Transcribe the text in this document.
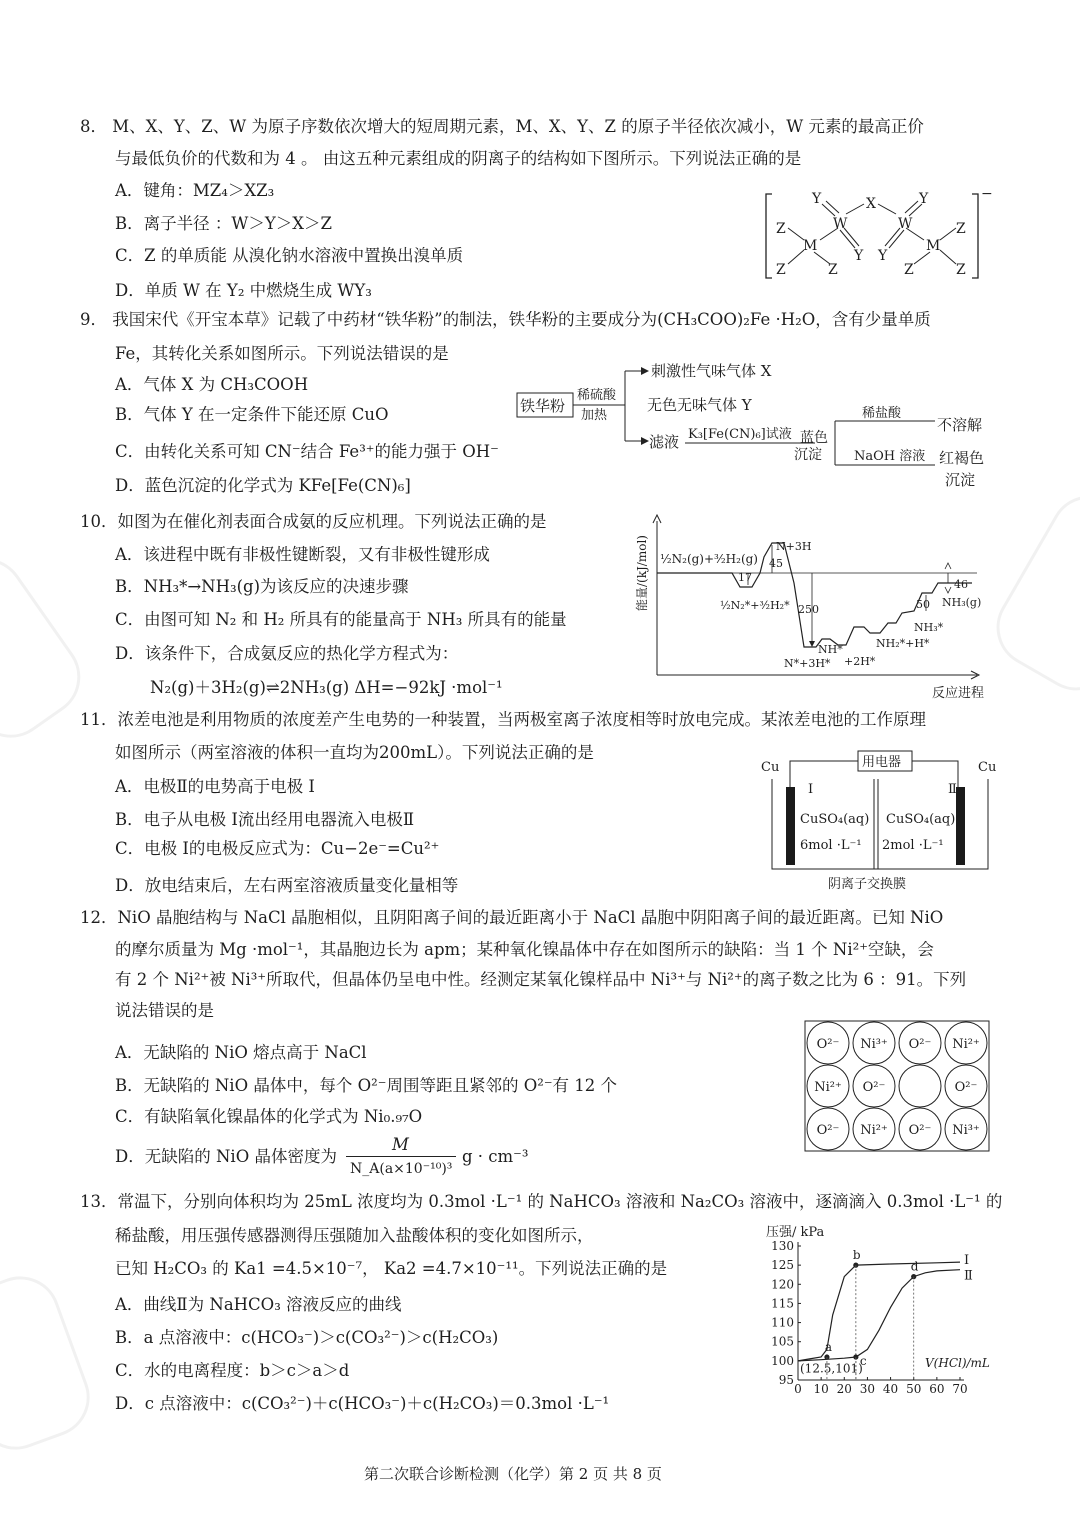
8． M、X、Y、Z、W 为原子序数依次增大的短周期元素，M、X、Y、Z 的原子半径依次减小，W 元素的最高正价
与最低负价的代数和为 4 。 由这五种元素组成的阴离子的结构如下图所示。下列说法正确的是
A．键角：MZ₄＞XZ₃
B．离子半径 ：W＞Y＞X＞Z
C．Z 的单质能 从溴化钠水溶液中置换出溴单质
D．单质 W 在 Y₂ 中燃烧生成 WY₃
−
Y
W
X
W
Y
Z
M
Z
Y Y
M
Z
Z
Z	Z
9． 我国宋代《开宝本草》记载了中药材“铁华粉”的制法，铁华粉的主要成分为(CH₃COO)₂Fe ·H₂O，含有少量单质
Fe，其转化关系如图所示。下列说法错误的是
A．气体 X 为 CH₃COOH
B．气体 Y 在一定条件下能还原 CuO
C．由转化关系可知 CN⁻结合 Fe³⁺的能力强于 OH⁻
D．蓝色沉淀的化学式为 KFe[Fe(CN)₆]
铁华粉
稀硫酸
加热
刺激性气味气体 X
无色无味气体 Y
滤液 K₃[Fe(CN)₆]试液 蓝色
沉淀
稀盐酸
不溶解
NaOH 溶液 红褐色
沉淀
10．如图为在催化剂表面合成氨的反应机理。下列说法正确的是
A．该进程中既有非极性键断裂，又有非极性键形成
B．NH₃*→NH₃(g)为该反应的决速步骤
C．由图可知 N₂ 和 H₂ 所具有的能量高于 NH₃ 所具有的能量
D．该条件下，合成氨反应的热化学方程式为：
N₂(g)＋3H₂(g)⇌2NH₃(g) ΔH=−92kJ ·mol⁻¹
能量/(kJ/mol)
反应进程
½N₂(g)+³⁄₂H₂(g)
17
½N₂*+³⁄₂H₂*
N+3H
45
250
N*+3H*
NH*
+2H*
NH₂*+H*
NH₃*
50 NH₃(g)
46
11．浓差电池是利用物质的浓度差产生电势的一种装置，当两极室离子浓度相等时放电完成。某浓差电池的工作原理
如图所示（两室溶液的体积一直均为200mL）。下列说法正确的是
A．电极Ⅱ的电势高于电极 Ⅰ
B．电子从电极 Ⅰ流出经用电器流入电极Ⅱ
C．电极 Ⅰ的电极反应式为：Cu−2e⁻=Cu²⁺
D．放电结束后，左右两室溶液质量变化量相等
用电器
Cu	Cu
Ⅰ	Ⅱ
CuSO₄(aq)
6mol ·L⁻¹
CuSO₄(aq)
2mol ·L⁻¹
阴离子交换膜
12．NiO 晶胞结构与 NaCl 晶胞相似，且阴阳离子间的最近距离小于 NaCl 晶胞中阴阳离子间的最近距离。已知 NiO
的摩尔质量为 Mg ·mol⁻¹，其晶胞边长为 apm；某种氧化镍晶体中存在如图所示的缺陷：当 1 个 Ni²⁺空缺，会
有 2 个 Ni²⁺被 Ni³⁺所取代，但晶体仍呈电中性。经测定某氧化镍样品中 Ni³⁺与 Ni²⁺的离子数之比为 6 ：91。下列
说法错误的是
A．无缺陷的 NiO 熔点高于 NaCl
B．无缺陷的 NiO 晶体中，每个 O²⁻周围等距且紧邻的 O²⁻有 12 个
C．有缺陷氧化镍晶体的化学式为 Ni₀.₉₇O
D．无缺陷的 NiO 晶体密度为
M
N_A(a×10⁻¹⁰)³
g · cm⁻³
O²⁻ Ni³⁺ O²⁻ Ni²⁺
Ni²⁺ O²⁻	O²⁻
O²⁻ Ni²⁺ O²⁻ Ni³⁺
13．常温下，分别向体积均为 25mL 浓度均为 0.3mol ·L⁻¹ 的 NaHCO₃ 溶液和 Na₂CO₃ 溶液中，逐滴滴入 0.3mol ·L⁻¹ 的
稀盐酸，用压强传感器测得压强随加入盐酸体积的变化如图所示，
已知 H₂CO₃ 的 Ka1 =4.5×10⁻⁷， Ka2 =4.7×10⁻¹¹。下列说法正确的是
A．曲线Ⅱ为 NaHCO₃ 溶液反应的曲线
B．a 点溶液中：c(HCO₃⁻)＞c(CO₃²⁻)＞c(H₂CO₃)
C．水的电离程度：b＞c＞a＞d
D．c 点溶液中：c(CO₃²⁻)＋c(HCO₃⁻)＋c(H₂CO₃)＝0.3mol ·L⁻¹
压强/ kPa
V(HCl)/mL
0 10 20 30 40 50 60 70
95
100
105
110
115
120
125
130
Ⅰ
Ⅱ
a
b
c
d
(12.5,101)
第二次联合诊断检测（化学）第 2 页 共 8 页
